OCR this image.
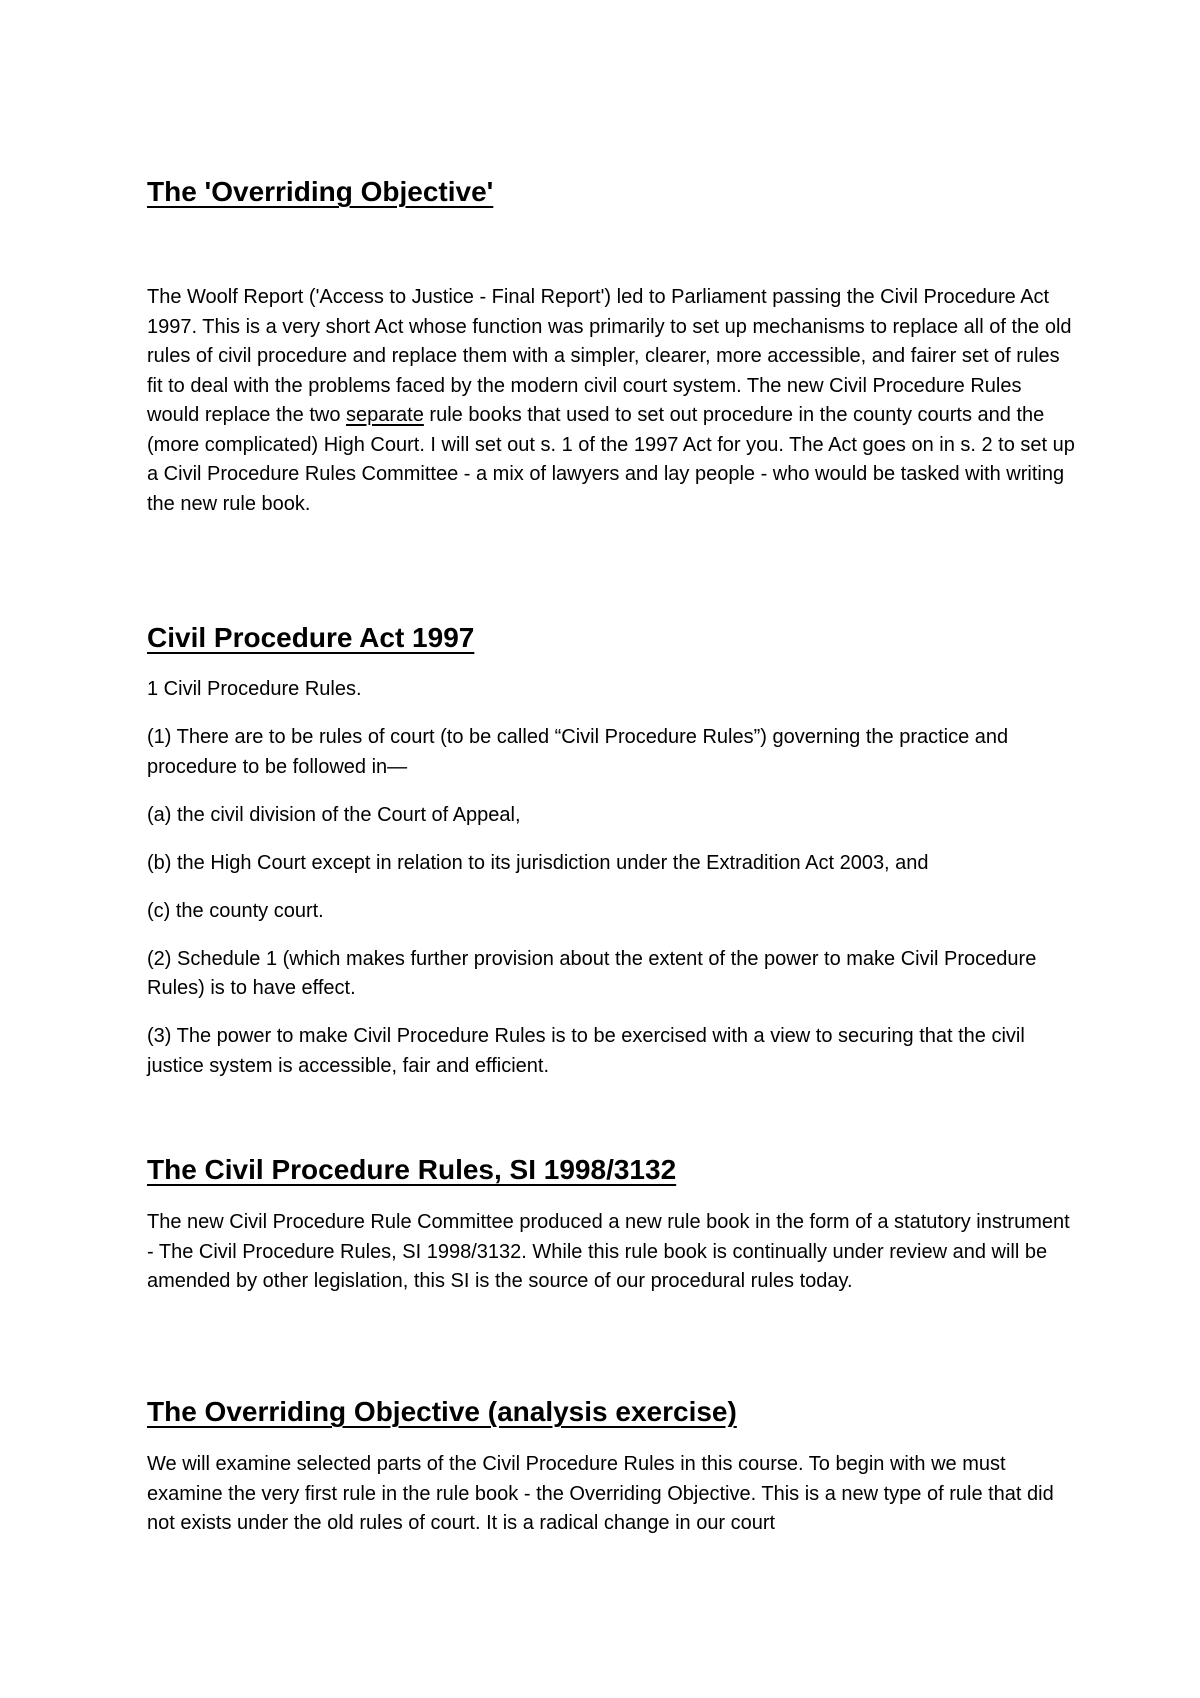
The 'Overriding Objective'

The Woolf Report ('Access to Justice - Final Report') led to Parliament passing the Civil Procedure Act 1997. This is a very short Act whose function was primarily to set up mechanisms to replace all of the old rules of civil procedure and replace them with a simpler, clearer, more accessible, and fairer set of rules fit to deal with the problems faced by the modern civil court system. The new Civil Procedure Rules would replace the two separate rule books that used to set out procedure in the county courts and the (more complicated) High Court. I will set out s. 1 of the 1997 Act for you. The Act goes on in s. 2 to set up a Civil Procedure Rules Committee - a mix of lawyers and lay people - who would be tasked with writing the new rule book.

Civil Procedure Act 1997

1 Civil Procedure Rules.

(1) There are to be rules of court (to be called “Civil Procedure Rules”) governing the practice and procedure to be followed in—

(a) the civil division of the Court of Appeal,

(b) the High Court except in relation to its jurisdiction under the Extradition Act 2003, and

(c) the county court.

(2) Schedule 1 (which makes further provision about the extent of the power to make Civil Procedure Rules) is to have effect.

(3) The power to make Civil Procedure Rules is to be exercised with a view to securing that the civil justice system is accessible, fair and efficient.

The Civil Procedure Rules, SI 1998/3132

The new Civil Procedure Rule Committee produced a new rule book in the form of a statutory instrument - The Civil Procedure Rules, SI 1998/3132. While this rule book is continually under review and will be amended by other legislation, this SI is the source of our procedural rules today.

The Overriding Objective (analysis exercise)

We will examine selected parts of the Civil Procedure Rules in this course. To begin with we must examine the very first rule in the rule book - the Overriding Objective. This is a new type of rule that did not exists under the old rules of court. It is a radical change in our court
